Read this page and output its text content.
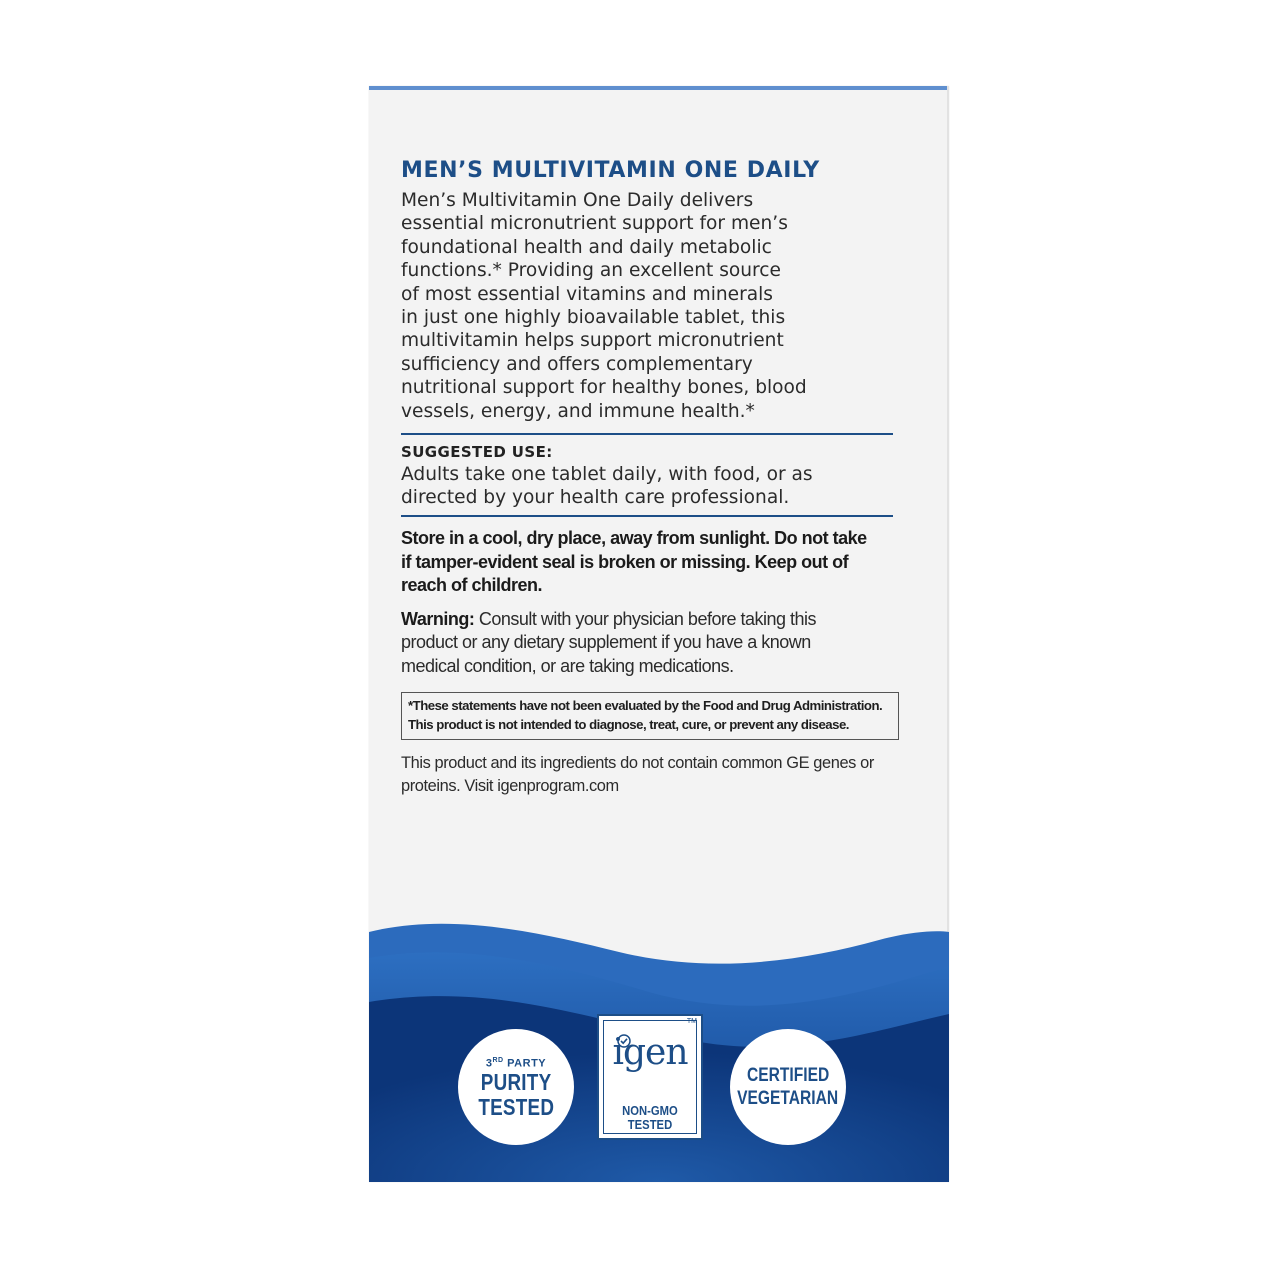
MEN’S MULTIVITAMIN ONE DAILY

Men’s Multivitamin One Daily delivers
essential micronutrient support for men’s
foundational health and daily metabolic
functions.* Providing an excellent source
of most essential vitamins and minerals
in just one highly bioavailable tablet, this
multivitamin helps support micronutrient
sufficiency and offers complementary
nutritional support for healthy bones, blood
vessels, energy, and immune health.*

SUGGESTED USE:

Adults take one tablet daily, with food, or as
directed by your health care professional.

Store in a cool, dry place, away from sunlight. Do not take
if tamper-evident seal is broken or missing. Keep out of
reach of children.

Warning: Consult with your physician before taking this
product or any dietary supplement if you have a known
medical condition, or are taking medications.

*These statements have not been evaluated by the Food and Drug Administration.
This product is not intended to diagnose, treat, cure, or prevent any disease.

This product and its ingredients do not contain common GE genes or
proteins. Visit igenprogram.com

3RD PARTY
PURITY
TESTED
TM
igen
NON-GMO
TESTED
CERTIFIED
VEGETARIAN
